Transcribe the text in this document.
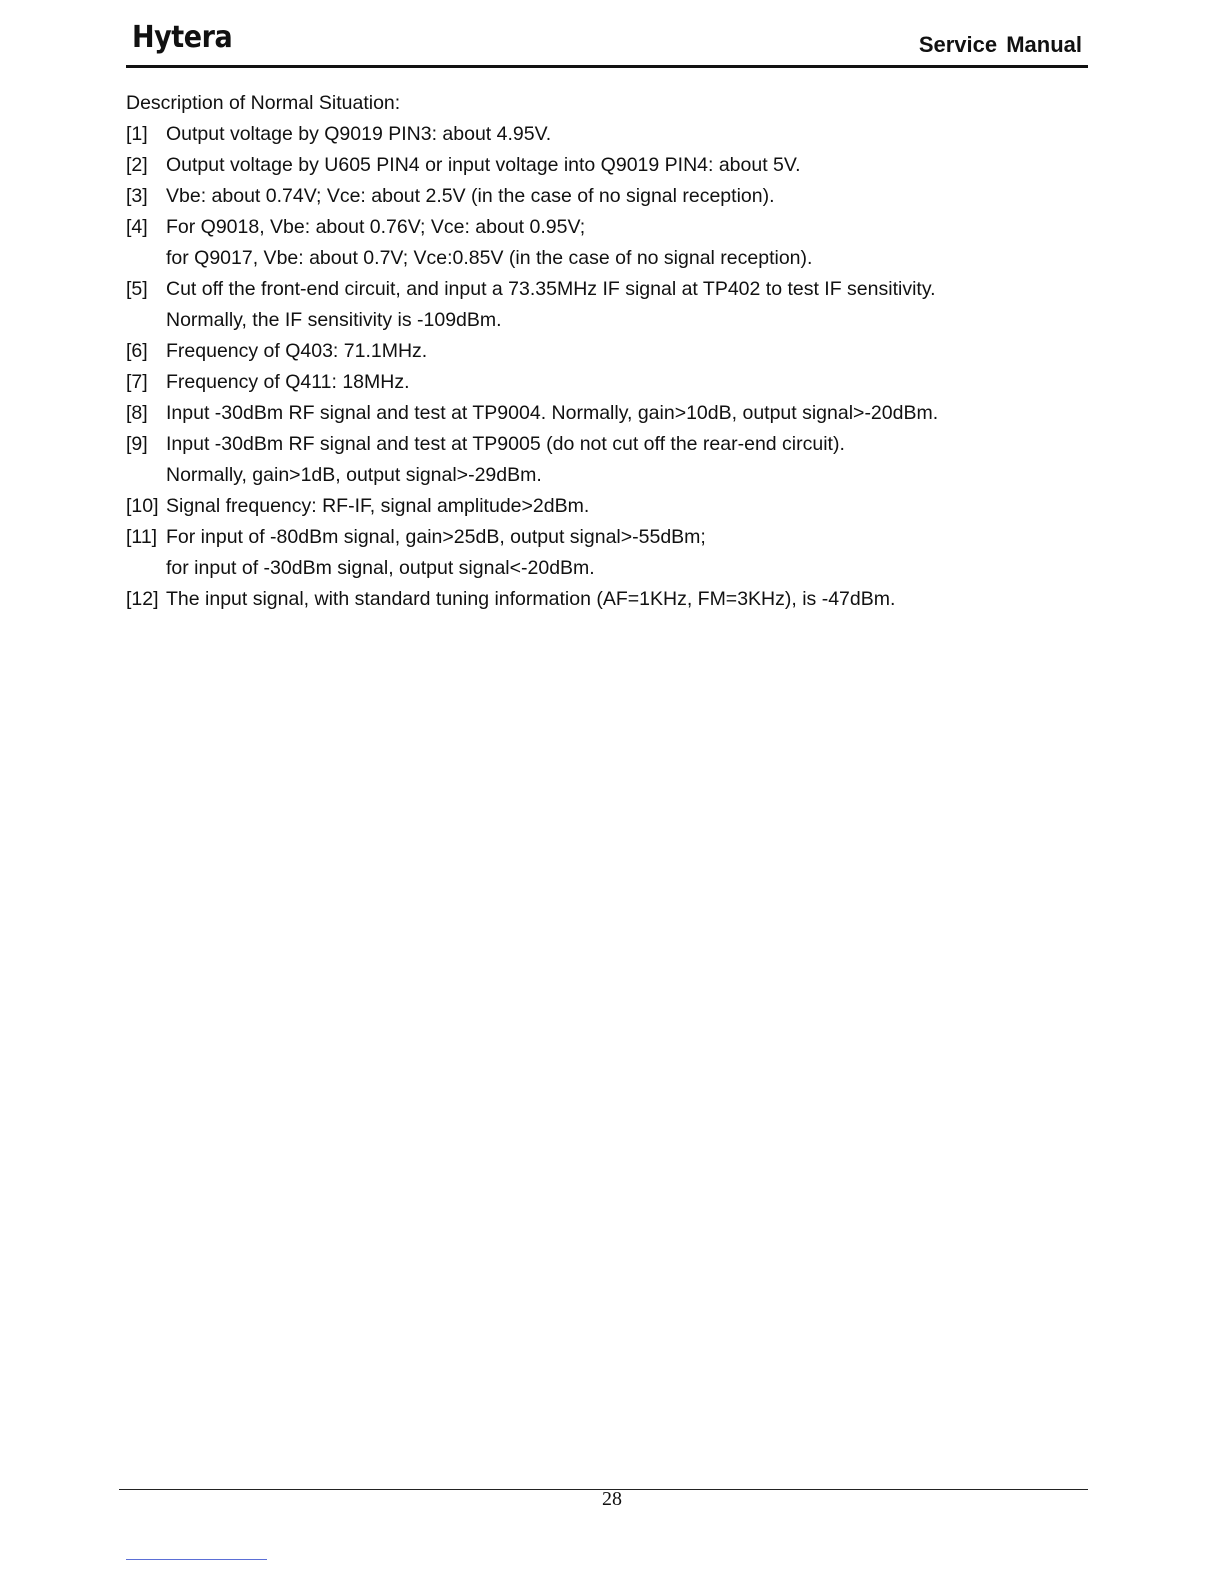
Hytera	Service Manual

Description of Normal Situation:

[1] Output voltage by Q9019 PIN3: about 4.95V.
[2] Output voltage by U605 PIN4 or input voltage into Q9019 PIN4: about 5V.
[3] Vbe: about 0.74V; Vce: about 2.5V (in the case of no signal reception).
[4] For Q9018, Vbe: about 0.76V; Vce: about 0.95V;
for Q9017, Vbe: about 0.7V; Vce:0.85V (in the case of no signal reception).
[5] Cut off the front-end circuit, and input a 73.35MHz IF signal at TP402 to test IF sensitivity.
Normally, the IF sensitivity is -109dBm.
[6] Frequency of Q403: 71.1MHz.
[7] Frequency of Q411: 18MHz.
[8] Input -30dBm RF signal and test at TP9004. Normally, gain>10dB, output signal>-20dBm.
[9] Input -30dBm RF signal and test at TP9005 (do not cut off the rear-end circuit).
Normally, gain>1dB, output signal>-29dBm.
[10] Signal frequency: RF-IF, signal amplitude>2dBm.
[11] For input of -80dBm signal, gain>25dB, output signal>-55dBm;
for input of -30dBm signal, output signal<-20dBm.
[12] The input signal, with standard tuning information (AF=1KHz, FM=3KHz), is -47dBm.
28
